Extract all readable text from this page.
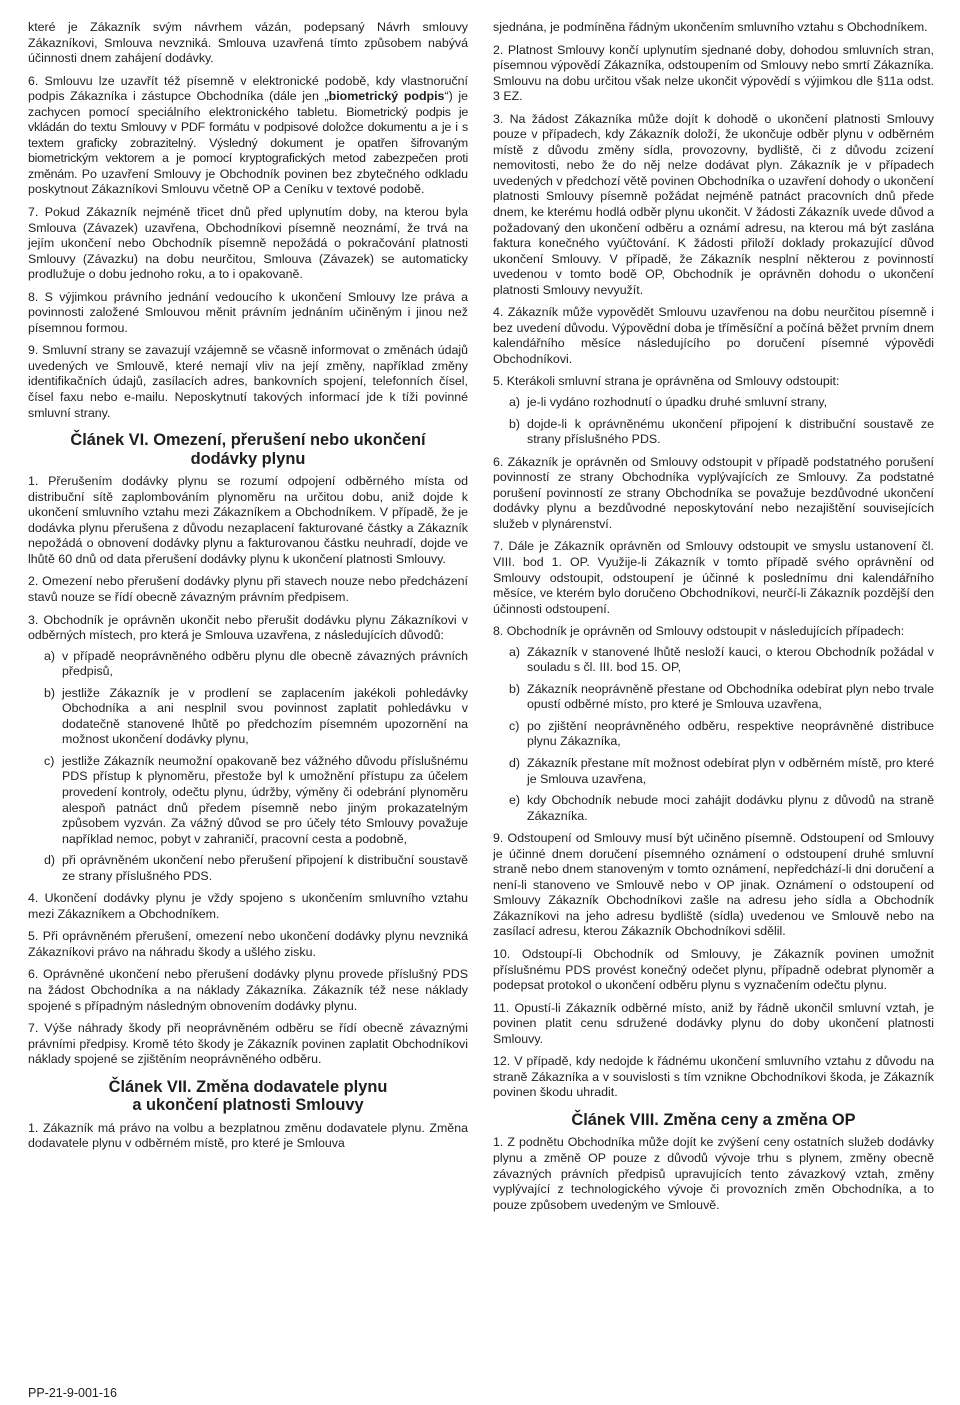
které je Zákazník svým návrhem vázán, podepsaný Návrh smlouvy Zákazníkovi, Smlouva nevzniká. Smlouva uzavřená tímto způsobem nabývá účinnosti dnem zahájení dodávky.

6. Smlouvu lze uzavřít též písemně v elektronické podobě, kdy vlastnoruční podpis Zákazníka i zástupce Obchodníka (dále jen „biometrický podpis“) je zachycen pomocí speciálního elektronického tabletu. Biometrický podpis je vkládán do textu Smlouvy v PDF formátu v podpisové doložce dokumentu a je i s textem graficky zobrazitelný. Výsledný dokument je opatřen šifrovaným biometrickým vektorem a je pomocí kryptografických metod zabezpečen proti změnám. Po uzavření Smlouvy je Obchodník povinen bez zbytečného odkladu poskytnout Zákazníkovi Smlouvu včetně OP a Ceníku v textové podobě.

7. Pokud Zákazník nejméně třicet dnů před uplynutím doby, na kterou byla Smlouva (Závazek) uzavřena, Obchodníkovi písemně neoznámí, že trvá na jejím ukončení nebo Obchodník písemně nepožádá o pokračování platnosti Smlouvy (Závazku) na dobu neurčitou, Smlouva (Závazek) se automaticky prodlužuje o dobu jednoho roku, a to i opakovaně.

8. S výjimkou právního jednání vedoucího k ukončení Smlouvy lze práva a povinnosti založené Smlouvou měnit právním jednáním učiněným i jinou než písemnou formou.

9. Smluvní strany se zavazují vzájemně se včasně informovat o změnách údajů uvedených ve Smlouvě, které nemají vliv na její změny, například změny identifikačních údajů, zasílacích adres, bankovních spojení, telefonních čísel, čísel faxu nebo e-mailu. Neposkytnutí takových informací jde k tíži povinné smluvní strany.

Článek VI. Omezení, přerušení nebo ukončení
dodávky plynu

1. Přerušením dodávky plynu se rozumí odpojení odběrného místa od distribuční sítě zaplombováním plynoměru na určitou dobu, aniž dojde k ukončení smluvního vztahu mezi Zákazníkem a Obchodníkem. V případě, že je dodávka plynu přerušena z důvodu nezaplacení fakturované částky a Zákazník nepožádá o obnovení dodávky plynu a fakturovanou částku neuhradí, dojde ve lhůtě 60 dnů od data přerušení dodávky plynu k ukončení platnosti Smlouvy.

2. Omezení nebo přerušení dodávky plynu při stavech nouze nebo předcházení stavů nouze se řídí obecně závazným právním předpisem.

3. Obchodník je oprávněn ukončit nebo přerušit dodávku plynu Zákazníkovi v odběrných místech, pro která je Smlouva uzavřena, z následujících důvodů:

a) v případě neoprávněného odběru plynu dle obecně závazných právních předpisů,
b) jestliže Zákazník je v prodlení se zaplacením jakékoli pohledávky Obchodníka a ani nesplnil svou povinnost zaplatit pohledávku v dodatečně stanovené lhůtě po předchozím písemném upozornění na možnost ukončení dodávky plynu,
c) jestliže Zákazník neumožní opakovaně bez vážného důvodu příslušnému PDS přístup k plynoměru, přestože byl k umožnění přístupu za účelem provedení kontroly, odečtu plynu, údržby, výměny či odebrání plynoměru alespoň patnáct dnů předem písemně nebo jiným prokazatelným způsobem vyzván. Za vážný důvod se pro účely této Smlouvy považuje například nemoc, pobyt v zahraničí, pracovní cesta a podobně,
d) při oprávněném ukončení nebo přerušení připojení k distribuční soustavě ze strany příslušného PDS.

4. Ukončení dodávky plynu je vždy spojeno s ukončením smluvního vztahu mezi Zákazníkem a Obchodníkem.

5. Při oprávněném přerušení, omezení nebo ukončení dodávky plynu nevzniká Zákazníkovi právo na náhradu škody a ušlého zisku.

6. Oprávněné ukončení nebo přerušení dodávky plynu provede příslušný PDS na žádost Obchodníka a na náklady Zákazníka. Zákazník též nese náklady spojené s případným následným obnovením dodávky plynu.

7. Výše náhrady škody při neoprávněném odběru se řídí obecně závaznými právními předpisy. Kromě této škody je Zákazník povinen zaplatit Obchodníkovi náklady spojené se zjištěním neoprávněného odběru.

Článek VII. Změna dodavatele plynu
a ukončení platnosti Smlouvy

1. Zákazník má právo na volbu a bezplatnou změnu dodavatele plynu. Změna dodavatele plynu v odběrném místě, pro které je Smlouva

sjednána, je podmíněna řádným ukončením smluvního vztahu s Obchodníkem.

2. Platnost Smlouvy končí uplynutím sjednané doby, dohodou smluvních stran, písemnou výpovědí Zákazníka, odstoupením od Smlouvy nebo smrtí Zákazníka. Smlouvu na dobu určitou však nelze ukončit výpovědí s výjimkou dle §11a odst. 3 EZ.

3. Na žádost Zákazníka může dojít k dohodě o ukončení platnosti Smlouvy pouze v případech, kdy Zákazník doloží, že ukončuje odběr plynu v odběrném místě z důvodu změny sídla, provozovny, bydliště, či z důvodu zcizení nemovitosti, nebo že do něj nelze dodávat plyn. Zákazník je v případech uvedených v předchozí větě povinen Obchodníka o uzavření dohody o ukončení platnosti Smlouvy písemně požádat nejméně patnáct pracovních dnů přede dnem, ke kterému hodlá odběr plynu ukončit. V žádosti Zákazník uvede důvod a požadovaný den ukončení odběru a oznámí adresu, na kterou má být zaslána faktura konečného vyúčtování. K žádosti přiloží doklady prokazující důvod ukončení Smlouvy. V případě, že Zákazník nesplní některou z povinností uvedenou v tomto bodě OP, Obchodník je oprávněn dohodu o ukončení platnosti Smlouvy nevyužít.

4. Zákazník může vypovědět Smlouvu uzavřenou na dobu neurčitou písemně i bez uvedení důvodu. Výpovědní doba je tříměsíční a počíná běžet prvním dnem kalendářního měsíce následujícího po doručení písemné výpovědi Obchodníkovi.

5. Kterákoli smluvní strana je oprávněna od Smlouvy odstoupit:

a) je-li vydáno rozhodnutí o úpadku druhé smluvní strany,
b) dojde-li k oprávněnému ukončení připojení k distribuční soustavě ze strany příslušného PDS.

6. Zákazník je oprávněn od Smlouvy odstoupit v případě podstatného porušení povinností ze strany Obchodníka vyplývajících ze Smlouvy. Za podstatné porušení povinností ze strany Obchodníka se považuje bezdůvodné ukončení dodávky plynu a bezdůvodné neposkytování nebo nezajištění souvisejících služeb v plynárenství.

7. Dále je Zákazník oprávněn od Smlouvy odstoupit ve smyslu ustanovení čl. VIII. bod 1. OP. Využije-li Zákazník v tomto případě svého oprávnění od Smlouvy odstoupit, odstoupení je účinné k poslednímu dni kalendářního měsíce, ve kterém bylo doručeno Obchodníkovi, neurčí-li Zákazník pozdější den účinnosti odstoupení.

8. Obchodník je oprávněn od Smlouvy odstoupit v následujících případech:

a) Zákazník v stanovené lhůtě nesloží kauci, o kterou Obchodník požádal v souladu s čl. III. bod 15. OP,
b) Zákazník neoprávněně přestane od Obchodníka odebírat plyn nebo trvale opustí odběrné místo, pro které je Smlouva uzavřena,
c) po zjištění neoprávněného odběru, respektive neoprávněné distribuce plynu Zákazníka,
d) Zákazník přestane mít možnost odebírat plyn v odběrném místě, pro které je Smlouva uzavřena,
e) kdy Obchodník nebude moci zahájit dodávku plynu z důvodů na straně Zákazníka.

9. Odstoupení od Smlouvy musí být učiněno písemně. Odstoupení od Smlouvy je účinné dnem doručení písemného oznámení o odstoupení druhé smluvní straně nebo dnem stanoveným v tomto oznámení, nepředchází-li dni doručení a není-li stanoveno ve Smlouvě nebo v OP jinak. Oznámení o odstoupení od Smlouvy Zákazník Obchodníkovi zašle na adresu jeho sídla a Obchodník Zákazníkovi na jeho adresu bydliště (sídla) uvedenou ve Smlouvě nebo na zasílací adresu, kterou Zákazník Obchodníkovi sdělil.

10. Odstoupí-li Obchodník od Smlouvy, je Zákazník povinen umožnit příslušnému PDS provést konečný odečet plynu, případně odebrat plynoměr a podepsat protokol o ukončení odběru plynu s vyznačením odečtu plynu.

11. Opustí-li Zákazník odběrné místo, aniž by řádně ukončil smluvní vztah, je povinen platit cenu sdružené dodávky plynu do doby ukončení platnosti Smlouvy.

12. V případě, kdy nedojde k řádnému ukončení smluvního vztahu z důvodu na straně Zákazníka a v souvislosti s tím vznikne Obchodníkovi škoda, je Zákazník povinen škodu uhradit.

Článek VIII. Změna ceny a změna OP

1. Z podnětu Obchodníka může dojít ke zvýšení ceny ostatních služeb dodávky plynu a změně OP pouze z důvodů vývoje trhu s plynem, změny obecně závazných právních předpisů upravujících tento závazkový vztah, změny vyplývající z technologického vývoje či provozních změn Obchodníka, a to pouze způsobem uvedeným ve Smlouvě.

PP-21-9-001-16
